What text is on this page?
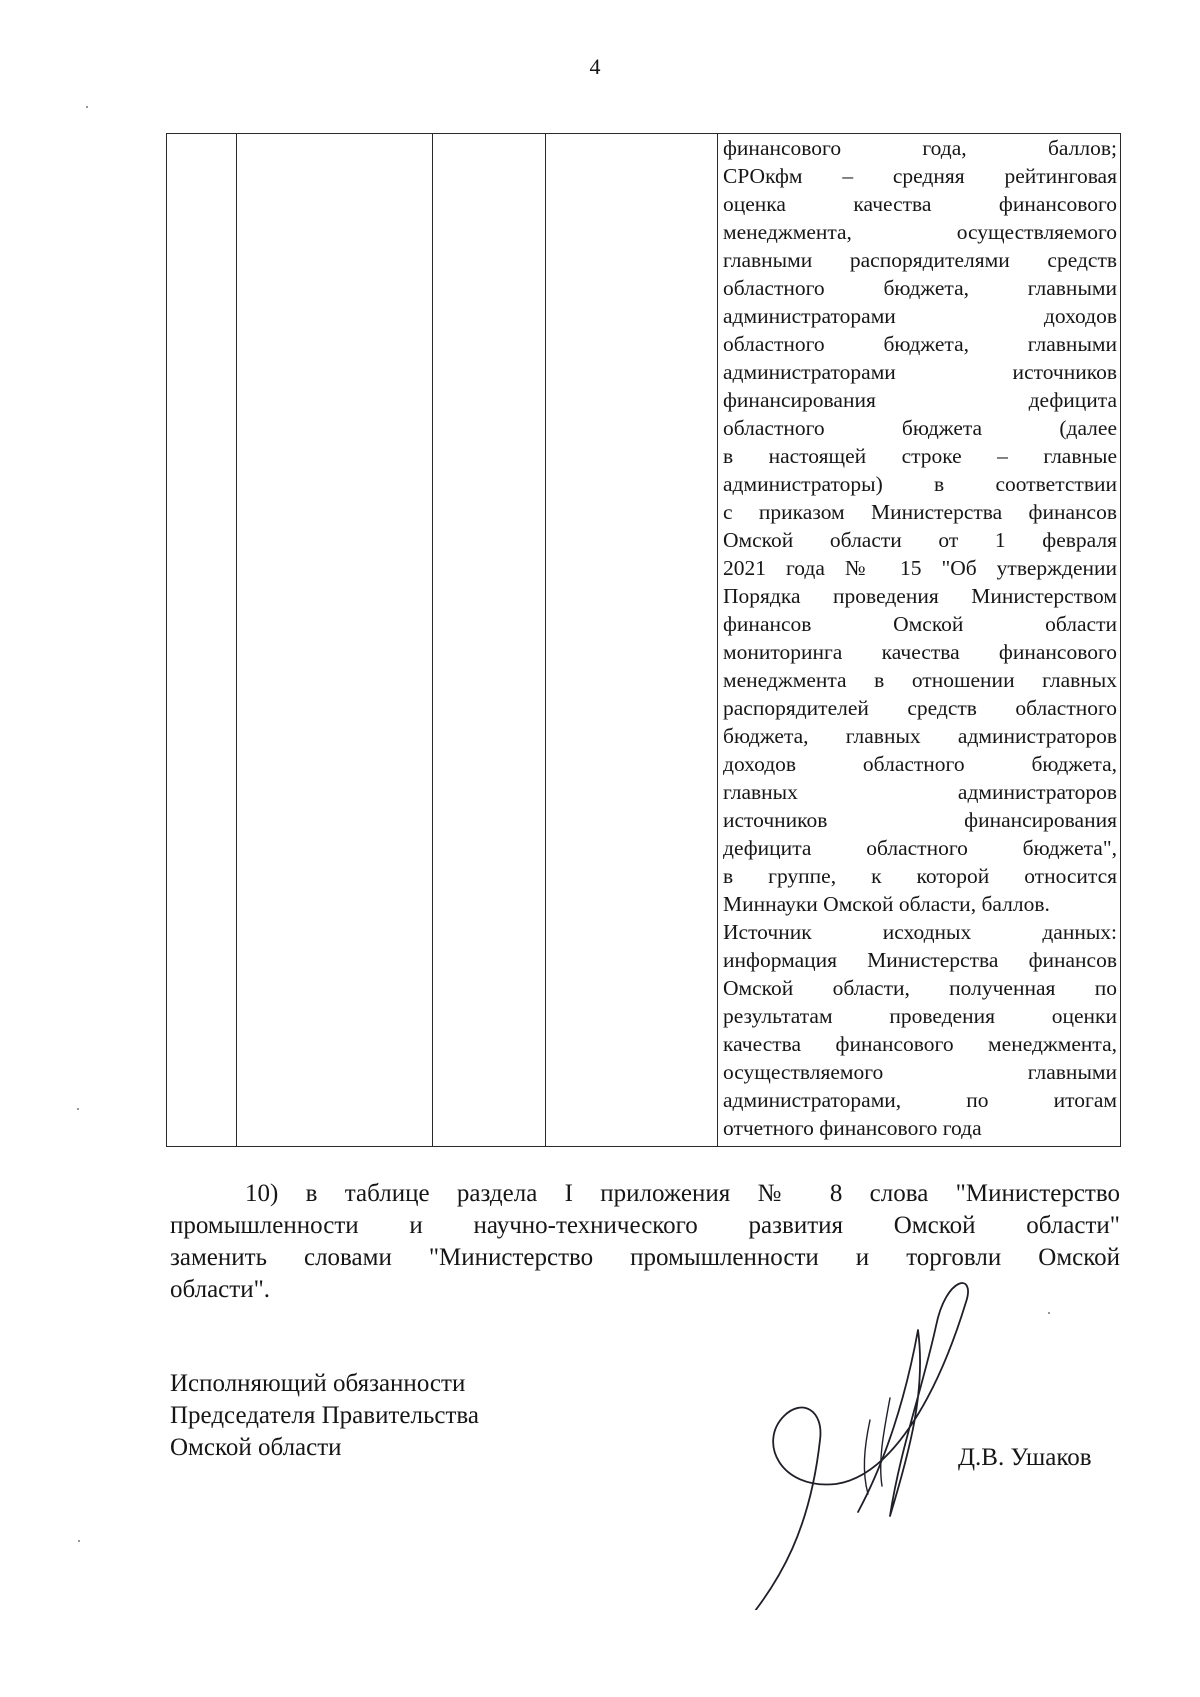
4

финансового года, баллов;

СРОкфм – средняя рейтинговая

оценка качества финансового

менеджмента, осуществляемого

главными распорядителями средств

областного бюджета, главными

администраторами доходов

областного бюджета, главными

администраторами источников

финансирования дефицита

областного бюджета (далее

в настоящей строке – главные

администраторы) в соответствии

с приказом Министерства финансов

Омской области от 1 февраля

2021 года № 15 "Об утверждении

Порядка проведения Министерством

финансов Омской области

мониторинга качества финансового

менеджмента в отношении главных

распорядителей средств областного

бюджета, главных администраторов

доходов областного бюджета,

главных администраторов

источников финансирования

дефицита областного бюджета",

в группе, к которой относится

Миннауки Омской области, баллов.

Источник исходных данных:

информация Министерства финансов

Омской области, полученная по

результатам проведения оценки

качества финансового менеджмента,

осуществляемого главными

администраторами, по итогам

отчетного финансового года

10) в таблице раздела I приложения № 8 слова "Министерство

промышленности и научно-технического развития Омской области"

заменить словами "Министерство промышленности и торговли Омской

области".

Исполняющий обязанности
Председателя Правительства
Омской области	Д.В. Ушаков
